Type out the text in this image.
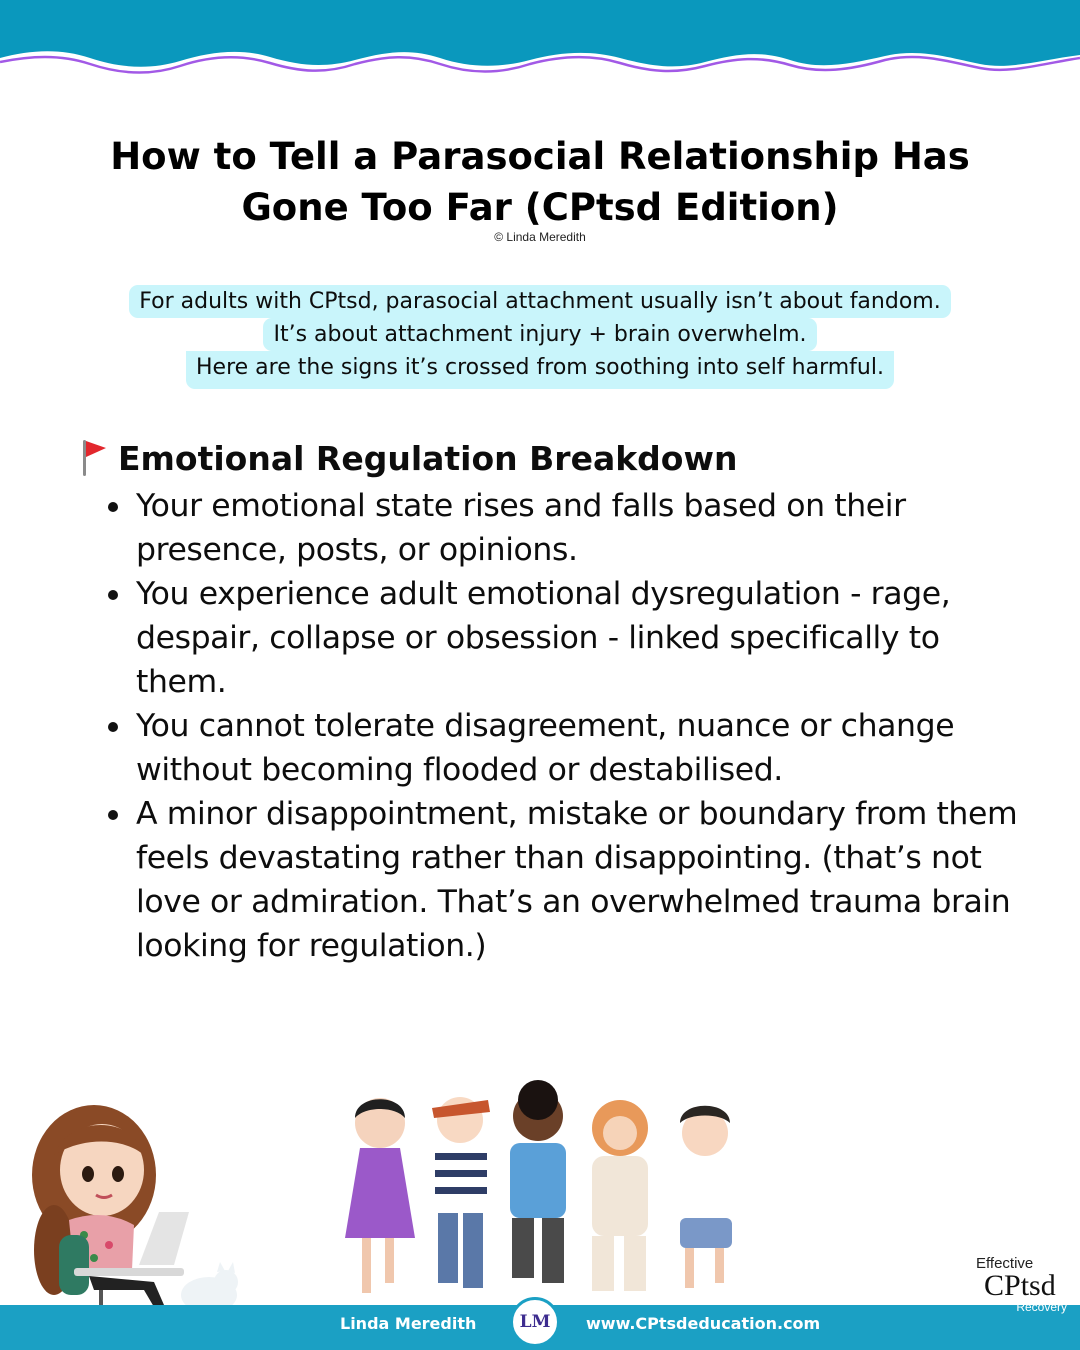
How to Tell a Parasocial Relationship Has
Gone Too Far (CPtsd Edition)
© Linda Meredith
For adults with CPtsd, parasocial attachment usually isn’t about fandom.
It’s about attachment injury + brain overwhelm.
Here are the signs it’s crossed from soothing into self harmful.
Emotional Regulation Breakdown
Your emotional state rises and falls based on their presence, posts, or opinions.
You experience adult emotional dysregulation - rage, despair, collapse or obsession - linked specifically to them.
You cannot tolerate disagreement, nuance or change without becoming flooded or destabilised.
A minor disappointment, mistake or boundary from them feels devastating rather than disappointing. (that’s not love or admiration. That’s an overwhelmed trauma brain looking for regulation.)
Linda Meredith	LM www.CPtsdeducation.com
Effective
CPtsd
Recovery
